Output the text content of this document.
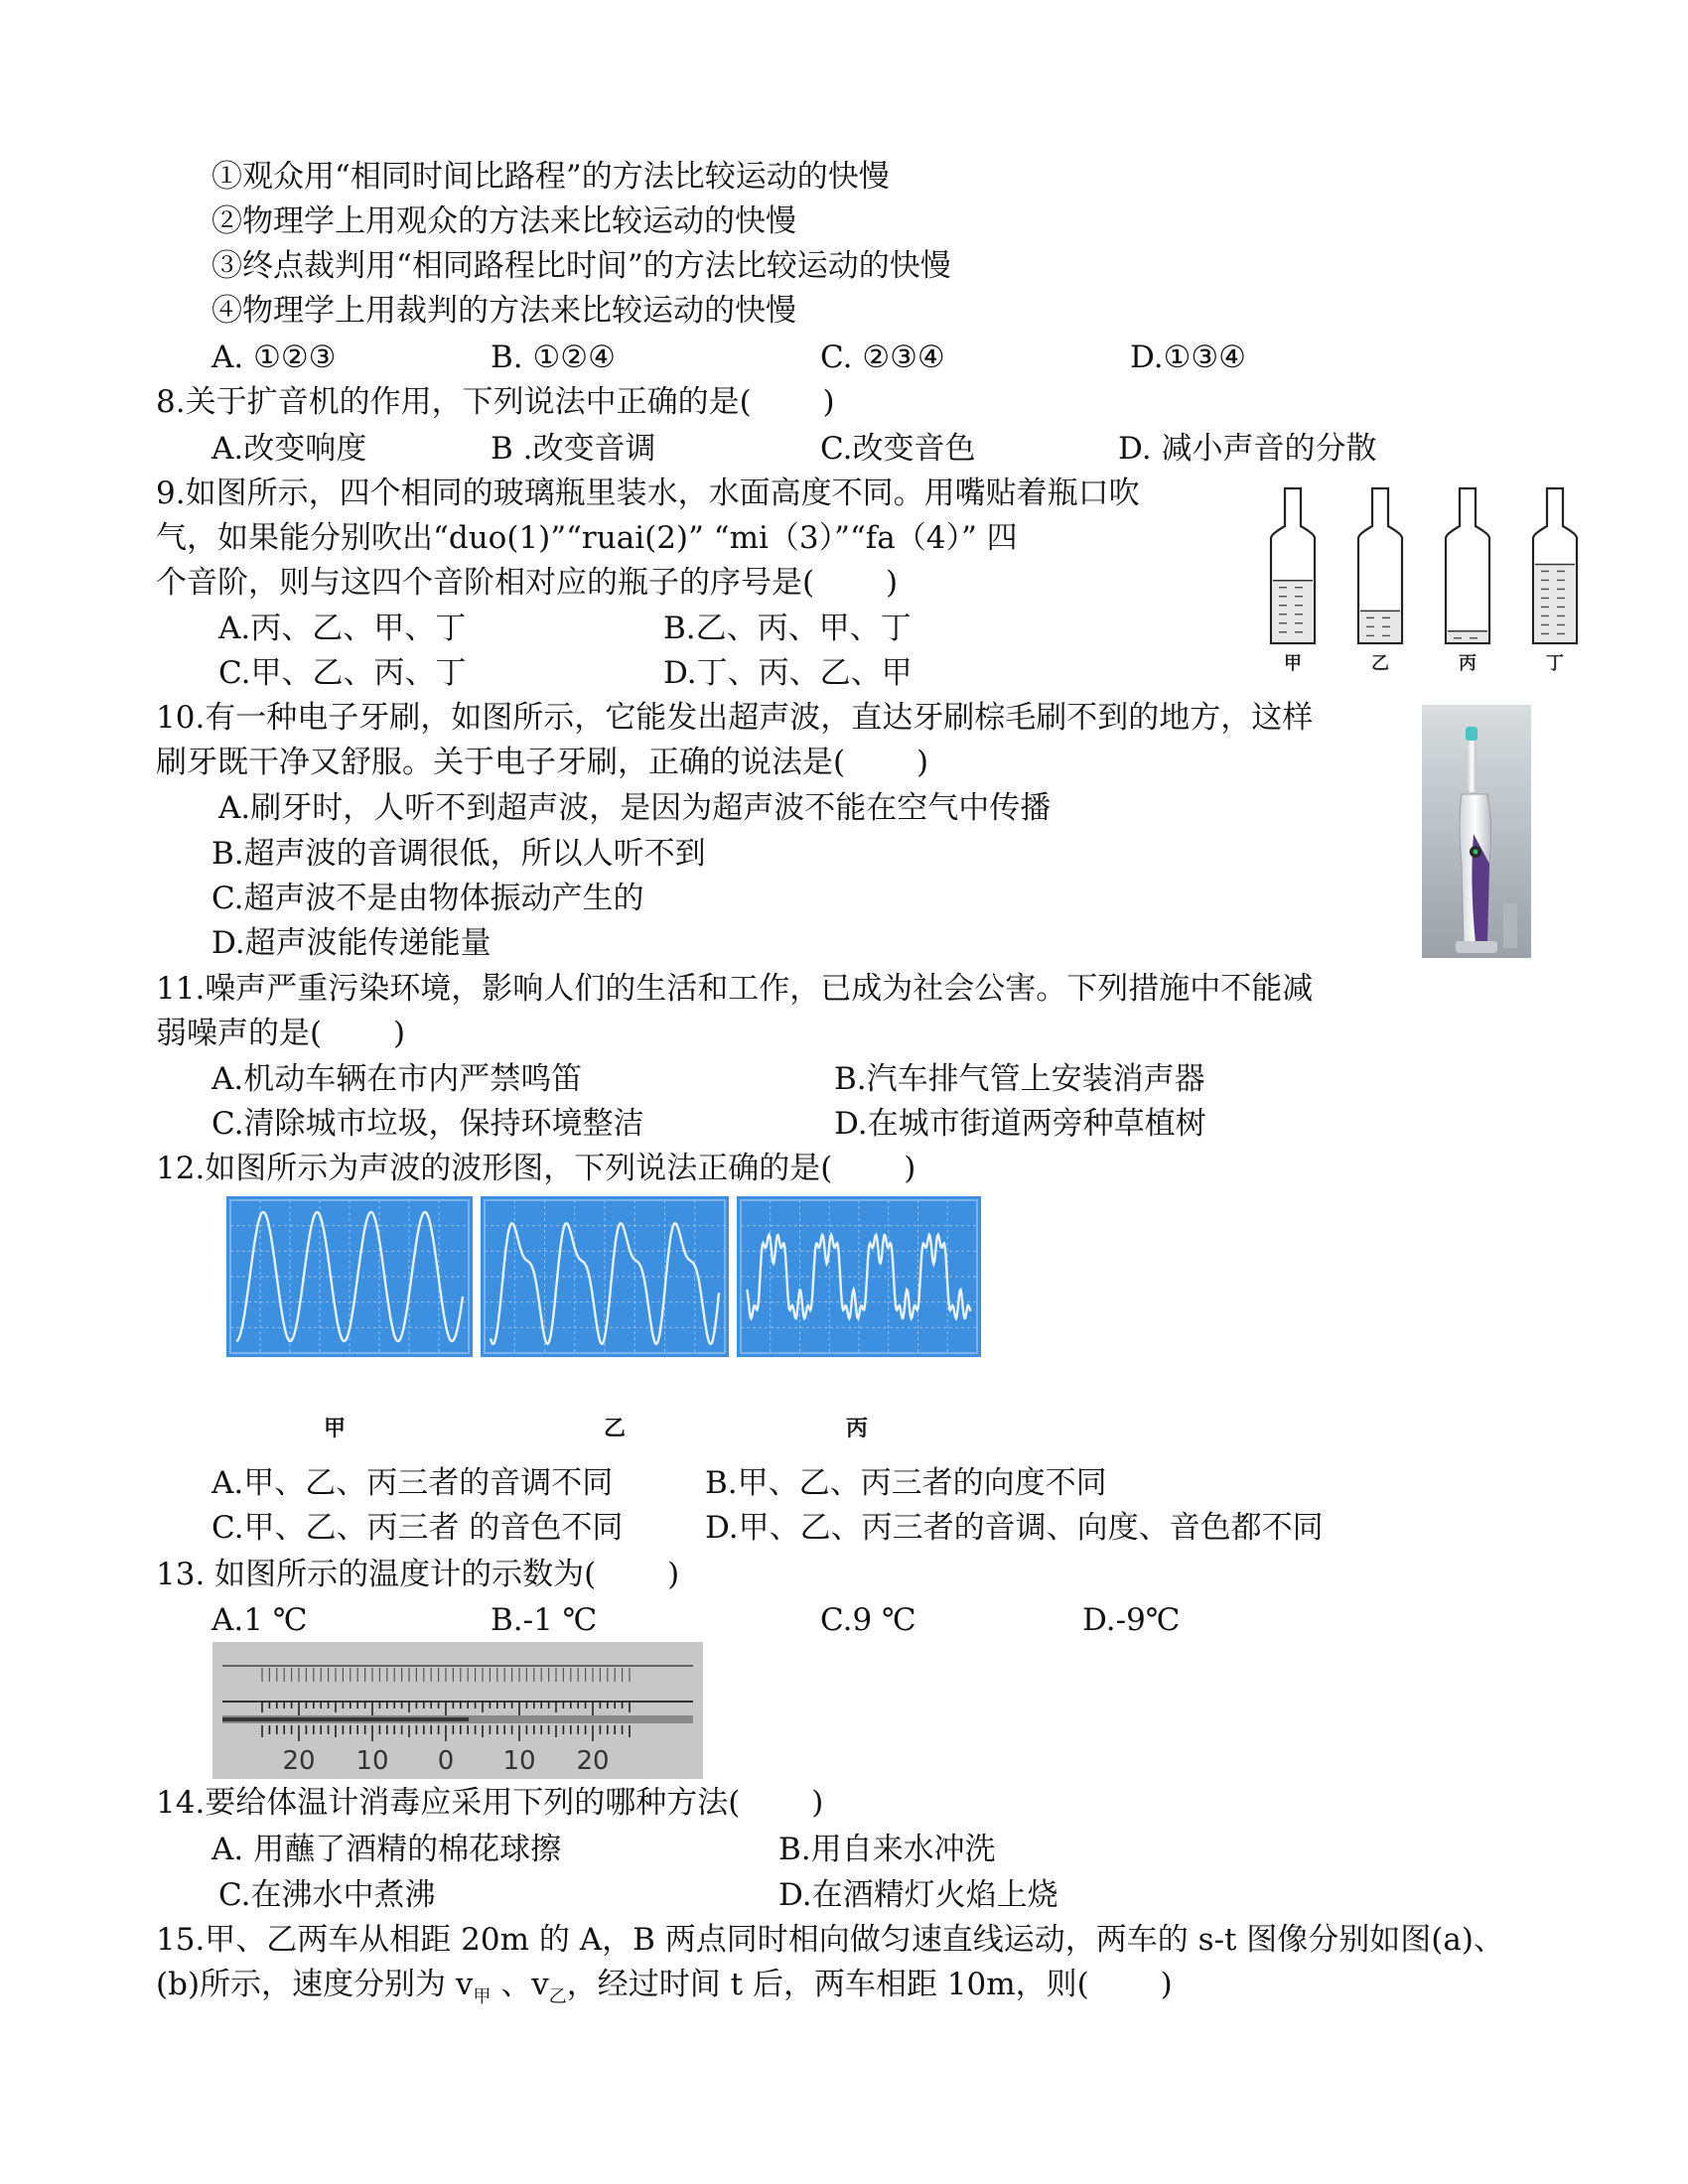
①观众用“相同时间比路程”的方法比较运动的快慢
②物理学上用观众的方法来比较运动的快慢
③终点裁判用“相同路程比时间”的方法比较运动的快慢
④物理学上用裁判的方法来比较运动的快慢
A. ①②③	B. ①②④	C. ②③④	D.①③④
8.关于扩音机的作用，下列说法中正确的是(　　 )
A.改变响度	B .改变音调	C.改变音色	D. 减小声音的分散
9.如图所示，四个相同的玻璃瓶里装水，水面高度不同。用嘴贴着瓶口吹
气，如果能分别吹出“duo(1)”“ruai(2)” “mi（3）”“fa（4）” 四
个音阶，则与这四个音阶相对应的瓶子的序号是(　　 )
A.丙、乙、甲、丁	B.乙、丙、甲、丁
C.甲、乙、丙、丁	D.丁、丙、乙、甲	甲	乙	丙	丁
10.有一种电子牙刷，如图所示，它能发出超声波，直达牙刷棕毛刷不到的地方，这样
刷牙既干净又舒服。关于电子牙刷，正确的说法是(　　 )
A.刷牙时，人听不到超声波，是因为超声波不能在空气中传播
B.超声波的音调很低，所以人听不到
C.超声波不是由物体振动产生的
D.超声波能传递能量
11.噪声严重污染环境，影响人们的生活和工作，已成为社会公害。下列措施中不能减
弱噪声的是(　　 )
A.机动车辆在市内严禁鸣笛	B.汽车排气管上安装消声器
C.清除城市垃圾，保持环境整洁	D.在城市街道两旁种草植树
12.如图所示为声波的波形图，下列说法正确的是(　　 )
甲	乙	丙
A.甲、乙、丙三者的音调不同	B.甲、乙、丙三者的向度不同
C.甲、乙、丙三者 的音色不同	D.甲、乙、丙三者的音调、向度、音色都不同
13. 如图所示的温度计的示数为(　　 )
A.1 ℃	B.-1 ℃	C.9 ℃	D.-9℃
20 10 0 10 20
14.要给体温计消毒应采用下列的哪种方法(　　 )
A. 用蘸了酒精的棉花球擦	B.用自来水冲洗
C.在沸水中煮沸	D.在酒精灯火焰上烧
15.甲、乙两车从相距 20m 的 A，B 两点同时相向做匀速直线运动，两车的 s-t 图像分别如图(a)、
(b)所示，速度分别为 $v_甲$ 、$v_乙$，经过时间 t 后，两车相距 10m，则(　　 )
